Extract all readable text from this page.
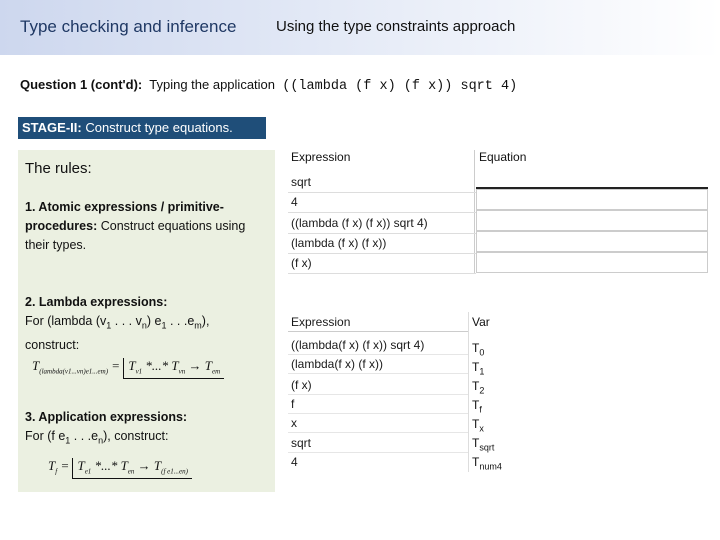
Type checking and inference	Using the type constraints approach
Question 1 (cont'd): Typing the application ((lambda (f x) (f x)) sqrt 4)
STAGE-II: Construct type equations.
The rules:
1. Atomic expressions / primitive-procedures: Construct equations using their types.
2. Lambda expressions:
For (lambda ($v_1$ . . . $v_n$) $e_1$ . . $.e_m$),
construct:
$T_{(lambda(v1...vn)e1...em)} = T_{v1}$ *...* $T_{vn} \to T_{em}$
3. Application expressions:
For (f $e_1$ . . $.e_n$), construct:
$T_f = T_{e1}$ *...* $T_{en} \to T_{(f e1...en)}$
Expression	Equation
sqrt
4
((lambda (f x) (f x)) sqrt 4)
(lambda (f x) (f x))
(f x)
Expression	Var
((lambda(f x) (f x)) sqrt 4)	$T_0$
(lambda(f x) (f x))	$T_1$
(f x)	$T_2$
f	$T_f$
x	$T_x$
sqrt	$T_{sqrt}$
4	$T_{num4}$
